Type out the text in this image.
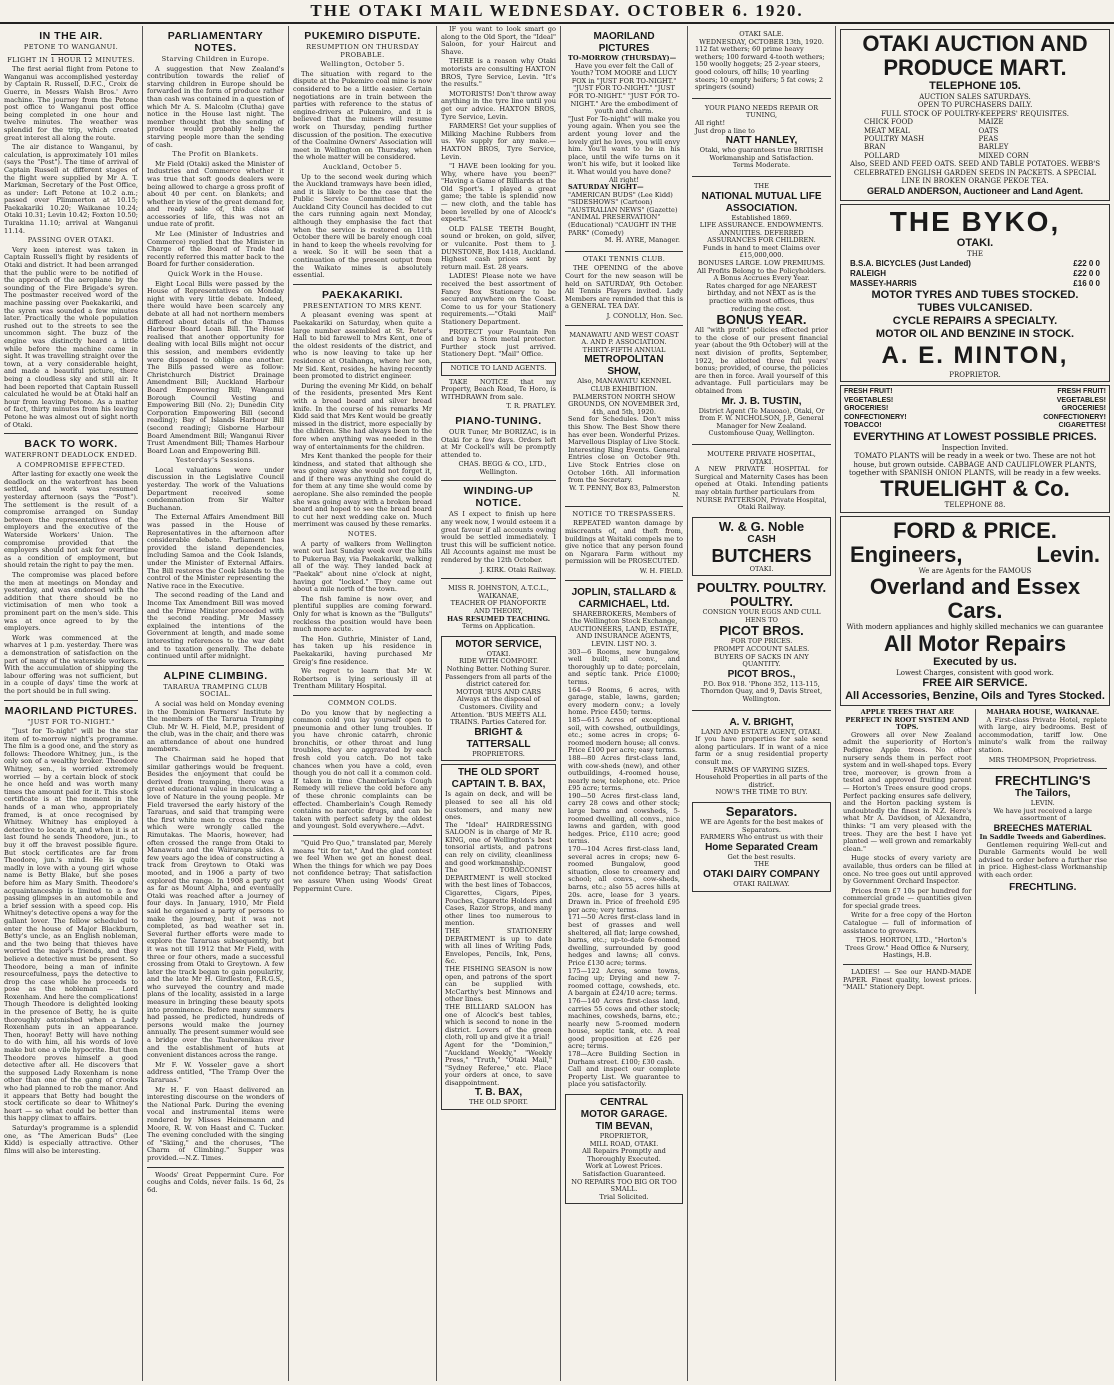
THE OTAKI MAIL WEDNESDAY. OCTOBER 6. 1920.
IN THE AIR.
PETONE TO WANGANUI.
FLIGHT IN 1 HOUR 12 MINUTES.

The first aerial flight from Petone to Wanganui was accomplished yesterday by Captain R. Russell, D.F.C., Croix de Guerre, in Messrs Walsh Bros.' Avro machine. The journey from the Petone post office to Wanganui post office being completed in one hour and twelve minutes. The weather was splendid for the trip, which created great interest all along the route.

The air distance to Wanganui, by calculation, is approximately 101 miles (says the "Post"). The time of arrival of Captain Russell at different stages of the flight were supplied by Mr A. T. Markman, Secretary of the Post Office, as under: Left Petone at 10.2 a.m.; passed over Plimmerton at 10.15; Paekakariki 10.20; Waikanae 10.24; Otaki 10.31; Levin 10.42; Foxton 10.50; Turakina 11.10; arrival at Wanganui 11.14.

PASSING OVER OTAKI.

Very keen interest was taken in Captain Russell's flight by residents of Otaki and district. It had been arranged that the public were to be notified of the approach of the aeroplane by the sounding of the Fire Brigade's syren. The postmaster received word of the machine passing over Paekakariki, and the syren was sounded a few minutes later. Practically the whole population rushed out to the streets to see the uncommon sight. The buzz of the engine was distinctly heard a little while before the machine came in sight. It was travelling straight over the town, at a very considerable height, and made a beautiful picture, there being a cloudless sky and still air. It had been reported that Captain Russell calculated he would be at Otaki half an hour from leaving Petone. As a matter of fact, thirty minutes from his leaving Petone he was almost out of sight north of Otaki.

BACK TO WORK.
WATERFRONT DEADLOCK ENDED.
A COMPROMISE EFFECTED.

After lasting for exactly one week the deadlock on the waterfront has been settled, and work was resumed yesterday afternoon (says the "Post"). The settlement is the result of a compromise arranged on Sunday between the representatives of the employers and the executive of the Waterside Workers' Union. The compromise provided that the employers should not ask for overtime as a condition of employment, but should retain the right to pay the men.

The compromise was placed before the men at meetings on Monday and yesterday, and was endorsed with the addition that there should be no victimisation of men who took a prominent part on the men's side. This was at once agreed to by the employers.

Work was commenced at the wharves at 1 p.m. yesterday. There was a demonstration of satisfaction on the part of many of the waterside workers. With the accumulation of shipping the labour offering was not sufficient, but in a couple of days' time the work at the port should be in full swing.

MAORILAND PICTURES.
"JUST FOR TO-NIGHT."

"Just for To-night" will be the star item of to-morrow night's programme. The film is a good one, and the story as follows: Theodore Whitney, jun., is the only son of a wealthy broker. Theodore Whitney, sen., is worried extremely worried — by a certain block of stock he once held and was worth many times the amount paid for it. This stock certificate is at the moment in the hands of a man who, appropriately framed, is at once recognised by Whitney. Whitney has employed a detective to locate it, and when it is at last found he sends Theodore, jun., to buy it off the bravest possible figure. But stock certificates are far from Theodore, jun.'s mind. He is quite madly in love with a young girl whose name is Betty Blake, but she poses before him as Mary Smith. Theodore's acquaintanceship is limited to a few passing glimpses in an automobile and a brief session with a speed cop. His Whitney's detective opens a way for the gallant lover. The fellow scheduled to enter the house of Major Blackburn, Betty's uncle, as an English nobleman, and the two being that thieves have worried the major's friends, and they believe a detective must be present. So Theodore, being a man of infinite resourcefulness, pays the detective to drop the case while he proceeds to pose as the nobleman — Lord Roxenham. And here the complications! Though Theodore is delighted looking in the presence of Betty, he is quite thoroughly astonished when a Lady Roxenham puts in an appearance. Then, hooray! Betty will have nothing to do with him, all his words of love make but one a vile hypocrite. But then Theodore proves himself a good detective after all. He discovers that the supposed Lady Roxenham is none other than one of the gang of crooks who had planned to rob the manor. And it appears that Betty had bought the stock certificate so dear to Whitney's heart — so what could be better than this happy climax to affairs.

Saturday's programme is a splendid one, as "The American Buds" (Lee Kidd) is especially attractive. Other films will also be interesting.

PARLIAMENTARY NOTES.
Starving Children in Europe.

A suggestion that New Zealand's contribution towards the relief of starving children in Europe should be forwarded in the form of produce rather than cash was contained in a question of which Mr A. S. Malcolm (Clutha) gave notice in the House last night. The member thought that the sending of produce would probably help the starving people more than the sending of cash.

The Profit on Blankets.

Mr Field (Otaki) asked the Minister of Industries and Commerce whether it was true that soft goods dealers were being allowed to charge a gross profit of about 40 per cent. on blankets; and whether in view of the great demand for, and ready sale of, this class of accessories of life, this was not an undue rate of profit.

Mr Lee (Minister of Industries and Commerce) replied that the Minister in Charge of the Board of Trade had recently referred this matter back to the Board for further consideration.

Quick Work in the House.

Eight Local Bills were passed by the House of Representatives on Monday night with very little debate. Indeed, there would have been scarcely any debate at all had not northern members differed about details of the Thames Harbour Board Loan Bill. The House realised that another opportunity for dealing with local Bills might not occur this session, and members evidently were disposed to oblige one another. The Bills passed were as follow: Christchurch District Drainage Amendment Bill; Auckland Harbour Board Empowering Bill; Wanganui Borough Council Vesting and Empowering Bill (No. 2); Dunedin City Corporation Empowering Bill (second reading); Bay of Islands Harbour Bill (second reading); Gisborne Harbour Board Amendment Bill; Wanganui River Trust Amendment Bill; Thames Harbour Board Loan and Empowering Bill.

Yesterday's Sessions.

Local valuations were under discussion in the Legislative Council yesterday. The work of the Valuations Department received some condemnation from Sir Walter Buchanan.

The External Affairs Amendment Bill was passed in the House of Representatives in the afternoon after considerable debate. Parliament has provided the island dependencies, including Samoa and the Cook Islands, under the Minister of External Affairs. The Bill restores the Cook Islands to the control of the Minister representing the Native race in the Executive.

The second reading of the Land and Income Tax Amendment Bill was moved and the Prime Minister proceeded with the second reading. Mr Massey explained the intentions of the Government at length, and made some interesting references to the war debt and to taxation generally. The debate continued until after midnight.

ALPINE CLIMBING.
TARARUA TRAMPING CLUB SOCIAL.

A social was held on Monday evening in the Dominion Farmers' Institute by the members of the Tararua Tramping Club. Mr W. H. Field, M.P., president of the club, was in the chair, and there was an attendance of about one hundred members.

The Chairman said he hoped that similar gatherings would be frequent. Besides the enjoyment that could be derived from tramping, there was a great educational value in inculcating a love of Nature in the young people. Mr Field traversed the early history of the Tararuas, and said that tramping were the first white men to cross the range which were wrongly called the Rimutakas. The Maoris, however, had often crossed the range from Otaki to Manawatu and the Wairarapa sides. A few years ago the idea of constructing a track from Greytown to Otaki was mooted, and in 1906 a party of two explored the range. In 1908 a party got as far as Mount Alpha, and eventually Otaki was reached after a journey of four days. In January, 1910, Mr Field said he organised a party of persons to make the journey, but it was not completed, as bad weather set in. Several further efforts were made to explore the Tararuas subsequently, but it was not till 1912 that Mr Field, with three or four others, made a successful crossing from Otaki to Greytown. A few later the track began to gain popularity, and the late Mr H. Girdleston, F.R.G.S., who surveyed the country and made plans of the locality, assisted in a large measure in bringing these beauty spots into prominence. Before many summers had passed, he predicted, hundreds of persons would make the journey annually. The present summer would see a bridge over the Tauherenikau river and the establishment of huts at convenient distances across the range.

Mr F. W. Vosseler gave a short address entitled, "The Tramp Over the Tararuas."

Mr H. F. von Haast delivered an interesting discourse on the wonders of the National Park. During the evening vocal and instrumental items were rendered by Misses Heinemann and Moore, R. W. von Haast and C. Tucker. The evening concluded with the singing of "Skiing," and the choruses, "The Charm of Climbing." Supper was provided.—N.Z. Times.

Woods' Great Peppermint Cure. For coughs and Colds, never fails. 1s 6d, 2s 6d.

PUKEMIRO DISPUTE.
RESUMPTION ON THURSDAY PROBABLE.
Wellington, October 5.

The situation with regard to the dispute at the Pukemiro coal mine is now considered to be a little easier. Certain negotiations are in train between the parties with reference to the status of engine-drivers at Pukemiro, and it is believed that the miners will resume work on Thursday, pending further discussion of the position. The executive of the Coalmine Owners' Association will meet in Wellington on Thursday, when the whole matter will be considered.

Auckland, October 5.

Up to the second week during which the Auckland tramways have been idled, and it is likely to be the case that the Public Service Committee of the Auckland City Council has decided to cut the cars running again next Monday, although they emphasise the fact that when the service is restored on 11th October there will be barely enough coal in hand to keep the wheels revolving for a week. So it will be seen that a continuation of the present output from the Waikato mines is absolutely essential.

PAEKAKARIKI.
PRESENTATION TO MRS KENT.

A pleasant evening was spent at Paekakariki on Saturday, when quite a large number assembled at St. Peter's Hall to bid farewell to Mrs Kent, one of the oldest residents of the district, and who is now leaving to take up her residence at Otaihanga, where her son, Mr Sid. Kent, resides, he having recently been promoted to district engineer.

During the evening Mr Kidd, on behalf of the residents, presented Mrs Kent with a bread board and silver bread knife. In the course of his remarks Mr Kidd said that Mrs Kent would be greatly missed in the district, more especially by the children. She had always been to the fore when anything was needed in the way of entertainments for the children.

Mrs Kent thanked the people for their kindness, and stated that although she was going away she would not forget it, and if there was anything she could do for them at any time she would come by aeroplane. She also reminded the people she was going away with a broken bread board and hoped to see the bread board to cut her next wedding cake on. Much merriment was caused by these remarks.

NOTES.

A party of walkers from Wellington went out last Sunday week over the hills to Pukerua Bay, via Paekakariki, walking all of the way. They landed back at "Paekak" about nine o'clock at night, having got "locked." They came out about a mile north of the town.

The fish famine is now over, and plentiful supplies are coming forward. Only for what is known as the "Bullguts" reckless the position would have been much more acute.

The Hon. Guthrie, Minister of Land, has taken up his residence in Paekakariki, having purchased Mr Greig's fine residence.

We regret to learn that Mr W. Robertson is lying seriously ill at Trentham Military Hospital.

COMMON COLDS.

Do you know that by neglecting a common cold you lay yourself open to pneumonia and other lung troubles. If you have chronic catarrh, chronic bronchitis, or other throat and lung troubles, they are aggravated by each fresh cold you catch. Do not take chances when you have a cold, even though you do not call it a common cold. If taken in time Chamberlain's Cough Remedy will relieve the cold before any of these chronic complaints can be effected. Chamberlain's Cough Remedy contains no narcotic drugs, and can be taken with perfect safety by the oldest and youngest. Sold everywhere.—Advt.

"Quid Pro Quo," translated par, Merely means "tit for tat," And the glad contest we feel When we get an honest deal. When the things for which we pay Does not confidence betray; That satisfaction we assure When using Woods' Great Peppermint Cure.

IF you want to look smart go along to the Old Sport, the "Ideal" Saloon, for your Haircut and Shave.

THERE is a reason why Otaki motorists are consulting HAXTON BROS, Tyre Service, Levin. "It's the results."

MOTORISTS! Don't throw away anything in the tyre line until you get our advice. HAXTON BROS, Tyre Service, Levin.

FARMERS! Get your supplies of Milking Machine Rubbers from us. We supply for any make.—HAXTON BROS, Tyre Service, Levin.

"I HAVE been looking for you. Why, where have you been?" "Having a Game of Billiards at the Old Sport's. I played a great game; the table is splendid now — new cloth, and the table has been levelled by one of Alcock's experts."

OLD FALSE TEETH Bought, sound or broken, on gold, silver, or vulcanite. Post them to J. DUNSTONE, Box 1418, Auckland. Highest cash prices sent by return mail. Est. 28 years.

LADIES! Please note we have received the best assortment of Fancy Box Stationery to be secured anywhere on the Coast. Come to us for your Stationery requirements.—"Otaki Mail" Stationery Department.

PROTECT your Fountain Pen and buy a Stom metal protector. Further stock just arrived. Stationery Dept. "Mail" Office.

NOTICE TO LAND AGENTS.

TAKE NOTICE that my Property, Beach Road, Te Horo, is WITHDRAWN from sale.

T. R. PRATLEY.

PIANO-TUNING.

OUR Tuner, Mr BORIZAC, is in Otaki for a few days. Orders left at Mr Cockell's will be promptly attended to.

CHAS. BEGG & CO., LTD., Wellington.

WINDING-UP NOTICE.

AS I expect to finish up here any week now, I would esteem it a great favour if all accounts owing would be settled immediately. I trust this will be sufficient notice. All Accounts against me must be rendered by the 12th October.

J. KIRK. Otaki Railway.

MISS R. JOHNSTON, A.T.C.L., WAIKANAE,
TEACHER OF PIANOFORTE AND THEORY,
HAS RESUMED TEACHING.
Terms on Application.
MOTOR SERVICE,
OTAKI.
RIDE WITH COMFORT.
Nothing Better. Nothing Surer. Passengers from all parts of the district catered for.
MOTOR 'BUS AND CARS Always at the disposal of Customers. Civility and Attention. 'BUS MEETS ALL TRAINS. Parties Catered for.
BRIGHT & TATTERSALL
PROPRIETORS.
THE OLD SPORT
CAPTAIN T. B. BAX,
Is again on deck, and will be pleased to see all his old customers, and many new ones.
The "Ideal" HAIRDRESSING SALOON is in charge of Mr R. KING, one of Wellington's best tonsorial artists, and patrons can rely on civility, cleanliness and good workmanship.
The TOBACCONIST DEPARTMENT is well stocked with the best lines of Tobaccos, Cigarettes, Cigars, Pipes, Pouches, Cigarette Holders and Cases, Razor Strops, and many other lines too numerous to mention.
THE STATIONERY DEPARTMENT is up to date with all lines of Writing Pads, Envelopes, Pencils, Ink, Pens, &c.
THE FISHING SEASON is now open, and patrons of the sport can be supplied with McCarthy's best Minnows and other lines.
THE BILLIARD SALOON has one of Alcock's best tables, which is second to none in the district. Lovers of the green cloth, roll up and give it a trial!
Agent for the "Dominion," "Auckland Weekly," "Weekly Press," "Truth," "Otaki Mail," "Sydney Referee," etc. Place your orders at once, to save disappointment.
T. B. BAX,
THE OLD SPORT.
MAORILAND PICTURES
TO-MORROW (THURSDAY)—
Have you ever felt the Call of Youth? TOM MOORE and LUCY FOX in "JUST FOR TO-NIGHT." "JUST FOR TO-NIGHT." "JUST FOR TO-NIGHT." "JUST FOR TO-NIGHT." Are the embodiment of youth and charm.
"Just For To-night" will make you young again. When you see the ardent young lover and the lovely girl he loves, you will envy him. You'll want to be in his place, until the wife turns on it won't his wife, but it looked like it. What would you have done?
All right!
SATURDAY NIGHT—
"AMERICAN BUDS" (Lee Kidd) "SIDESHOWS" (Cartoon) "AUSTRALIAN NEWS" (Gazette) "ANIMAL PRESERVATION" (Educational) "CAUGHT IN THE PARK" (Comedy)
M. H. AYRE, Manager.
OTAKI TENNIS CLUB.

THE OPENING of the above Court for the new season will be held on SATURDAY, 9th October. All Tennis Players invited. Lady Members are reminded that this is a GENERAL TEA DAY.

J. CONOLLY, Hon. Sec.

MANAWATU AND WEST COAST A. AND P. ASSOCIATION.
THIRTY-FIFTH ANNUAL
METROPOLITAN SHOW,
Also, MANAWATU KENNEL CLUB EXHIBITION.
PALMERSTON NORTH SHOW GROUNDS, ON NOVEMBER 3rd, 4th, and 5th, 1920.
Send for Schedules. Don't miss this Show. The Best Show there has ever been. Wonderful Prizes. Marvellous Display of Live Stock. Interesting Ring Events. General Entries close on October 9th. Live Stock Entries close on October 16th. All information from the Secretary.
W. T. PENNY, Box 83, Palmerston N.
NOTICE TO TRESPASSERS.

REPEATED wanton damage by miscreants of, and theft from, buildings at Waitaki compels me to give notice that any person found on Ngarara Farm without my permission will be PROSECUTED.

W. H. FIELD.

JOPLIN, STALLARD & CARMICHAEL, Ltd.
SHAREBROKERS, Members of the Wellington Stock Exchange, AUCTIONEERS, LAND, ESTATE, AND INSURANCE AGENTS, LEVIN. LIST NO. 3.
303—6 Rooms, new bungalow, well built; all conv., and thoroughly up to date; porcelain, and septic tank. Price £1000; terms.
164—9 Rooms, 6 acres, with garage, stable, lawns, garden; every modern conv.; a lovely home. Price £450; terms.
185—615 Acres of exceptional soil, with cowshed, outbuildings, etc.; some acres in crops; 6-roomed modern house; all convs. Price £100 per acre; easy terms.
188—80 Acres first-class land, with cow-sheds (new), and other outbuildings, 4-roomed house, nearly new, telephone, etc. Price £95 acre; terms.
190—50 Acres first-class land, carry 28 cows and other stock; large barns and cowsheds, 5-roomed dwelling, all convs., nice lawns and garden, with good hedges. Price, £110 acre; good terms.
170—104 Acres first-class land, several acres in crops; new 6-roomed Bungalow, good situation, close to creamery and school; all convs., cow-sheds, barns, etc.; also 55 acres hills at 20s. acre, lease for 3 years. Drawn in. Price of freehold £95 per acre; very terms.
171—50 Acres first-class land in best of grasses and well sheltered, all flat; large cowshed, barns, etc.; up-to-date 6-roomed dwelling, surrounded by good hedges and lawns; all convs. Price £130 acre; terms.
175—122 Acres, some towns, facing up; Drying and new 7-roomed cottage, cowsheds, etc. A bargain at £24/10 acre; terms.
176—140 Acres first-class land, carries 55 cows and other stock; machines, cowsheds, barns, etc.; nearly new 5-roomed modern house, septic tank, etc. A real good proposition at £26 per acre; terms.
178—Acre Building Section in Durham street. £100; £30 cash.
Call and inspect our complete Property List. We guarantee to place you satisfactorily.
CENTRAL
MOTOR GARAGE.
TIM BEVAN,
PROPRIETOR,
MILL ROAD, OTAKI.
All Repairs Promptly and Thoroughly Executed.
Work at Lowest Prices.
Satisfaction Guaranteed.
NO REPAIRS TOO BIG OR TOO SMALL.
Trial Solicited.
OTAKI SALE.
WEDNESDAY, OCTOBER 13th, 1920.
112 fat wethers; 60 prime heavy wethers; 100 forward 4-tooth wethers; 150 woolly hoggets; 25 2-year steers, good colours, off hills; 10 yearling steers; 10 empty heifers; 5 fat cows; 2 springers (sound)
YOUR PIANO NEEDS REPAIR OR TUNING,
All right!
Just drop a line to
NATT HANLEY,
Otaki, who guarantees true BRITISH Workmanship and Satisfaction.
Terms Moderate.
THE
NATIONAL MUTUAL LIFE ASSOCIATION.
Established 1869.
LIFE ASSURANCE. ENDOWMENTS. ANNUITIES. DEFERRED ASSURANCES FOR CHILDREN.
Funds in hand to meet Claims over £15,000,000.
BONUSES LARGE. LOW PREMIUMS.
All Profits Belong to the Policyholders. A Bonus Accrues Every Year.
Rates charged for age NEAREST birthday, and not NEXT as is the practice with most offices, thus reducing the cost.
BONUS YEAR.
All "with profit" policies effected prior to the close of our present financial year (about the 9th October) will at the next division of profits, September, 1922, be allotted three full years' bonus; provided, of course, the policies are then in force. Avail yourself of this advantage. Full particulars may be obtained from
Mr. J. B. TUSTIN,
District Agent (Te Mauoao), Otaki, Or from F. W. NICHOLSON, J.P., General Manager for New Zealand. Customhouse Quay, Wellington.
MOUTERE PRIVATE HOSPITAL, OTAKI.
A NEW PRIVATE HOSPITAL for Surgical and Maternity Cases has been opened at Otaki. Intending patients may obtain further particulars from
NURSE PATTERSON, Private Hospital, Otaki Railway.
W. & G. Noble
CASH
BUTCHERS
OTAKI.
POULTRY. POULTRY. POULTRY.
CONSIGN YOUR EGGS AND CULL HENS TO
PICOT BROS.
FOR TOP PRICES.
PROMPT ACCOUNT SALES.
BUYERS OF SACKS IN ANY QUANTITY.
PICOT BROS.,
P.O. Box 918. 'Phone 352, 113-115, Thorndon Quay, and 9, Davis Street, Wellington.
A. V. BRIGHT,
LAND AND ESTATE AGENT, OTAKI.
If you have properties for sale send along particulars. If in want of a nice farm or a snug residential property consult me.
FARMS OF VARYING SIZES.
Household Properties in all parts of the district.
NOW'S THE TIME TO BUY.
Separators.
WE are Agents for the best makes of Separators.
FARMERS Who entrust us with their
Home Separated Cream
Get the best results.
THE
OTAKI DAIRY COMPANY
OTAKI RAILWAY.
OTAKI AUCTION AND PRODUCE MART.
TELEPHONE 105.
AUCTION SALES SATURDAYS.
OPEN TO PURCHASERS DAILY.
FULL STOCK OF POULTRY-KEEPERS' REQUISITES.
CHICK FOOD
MEAT MEAL
POULTRY MASH
BRAN
POLLARD
MAIZE
OATS
PEAS
BARLEY
MIXED CORN
Also, SEED AND FEED OATS. SEED AND TABLE POTATOES. WEBB'S CELEBRATED ENGLISH GARDEN SEEDS IN PACKETS. A SPECIAL LINE IN BROKEN ORANGE PEKOE TEA.
GERALD ANDERSON, Auctioneer and Land Agent.
THE BYKO,
OTAKI.
THE
B.S.A. BICYCLES (Just Landed)	£22 0 0
RALEIGH	£22 0 0
MASSEY-HARRIS	£16 0 0
MOTOR TYRES AND TUBES STOCKED.
TUBES VULCANISED.
CYCLE REPAIRS A SPECIALTY.
MOTOR OIL AND BENZINE IN STOCK.
A. E. MINTON,
PROPRIETOR.
FRESH FRUIT!	FRESH FRUIT!
VEGETABLES!	VEGETABLES!
GROCERIES!	GROCERIES!
CONFECTIONERY!	CONFECTIONERY!
TOBACCO!	CIGARETTES!
EVERYTHING AT LOWEST POSSIBLE PRICES.
Inspection Invited.
TOMATO PLANTS will be ready in a week or two. These are not hot house, but grown outside. CABBAGE AND CAULIFLOWER PLANTS, together with SPANISH ONION PLANTS, will be ready in a few weeks.
TRUELIGHT & Co.
TELEPHONE 88.
FORD & PRICE.
Engineers,	Levin.
We are Agents for the FAMOUS
Overland and Essex Cars.
With modern appliances and highly skilled mechanics we can guarantee
All Motor Repairs
Executed by us.
Lowest Charges, consistent with good work.
FREE AIR SERVICE.
All Accessories, Benzine, Oils and Tyres Stocked.
APPLE TREES THAT ARE PERFECT IN ROOT SYSTEM AND TOPS.

Growers all over New Zealand admit the superiority of Horton's Pedigree Apple trees. No other nursery sends them in perfect root system and in well-shaped tops. Every tree, moreover, is grown from a tested and approved fruiting parent — Horton's Trees ensure good crops. Perfect packing ensures safe delivery, and the Horton packing system is undoubtedly the finest in N.Z. Here's what Mr A. Davidson, of Alexandra, thinks: "I am very pleased with the trees. They are the best I have yet planted — well grown and remarkably clean."

Huge stocks of every variety are available, thus orders can be filled at once. No tree goes out until approved by Government Orchard Inspector.

Prices from £7 10s per hundred for commercial grade — quantities given for special grade trees.

Write for a free copy of the Horton Catalogue — full of information of assistance to growers.

THOS. HORTON, LTD., "Horton's Trees Grow." Head Office & Nursery, Hastings, H.B.

LADIES! — See our HAND-MADE PAPER. Finest quality, lowest prices. "MAIL" Stationery Dept.

MAHARA HOUSE, WAIKANAE.

A First-class Private Hotel, replete with large, airy bedrooms. Best of accommodation, tariff low. One minute's walk from the railway station.

MRS THOMPSON, Proprietress.
FRECHTLING'S
The Tailors,
LEVIN.
We have just received a large assortment of
BREECHES MATERIAL
In Saddle Tweeds and Gaberdines.

Gentlemen requiring Well-cut and Durable Garments would be well advised to order before a further rise in price. Highest-class Workmanship with each order.

FRECHTLING.
